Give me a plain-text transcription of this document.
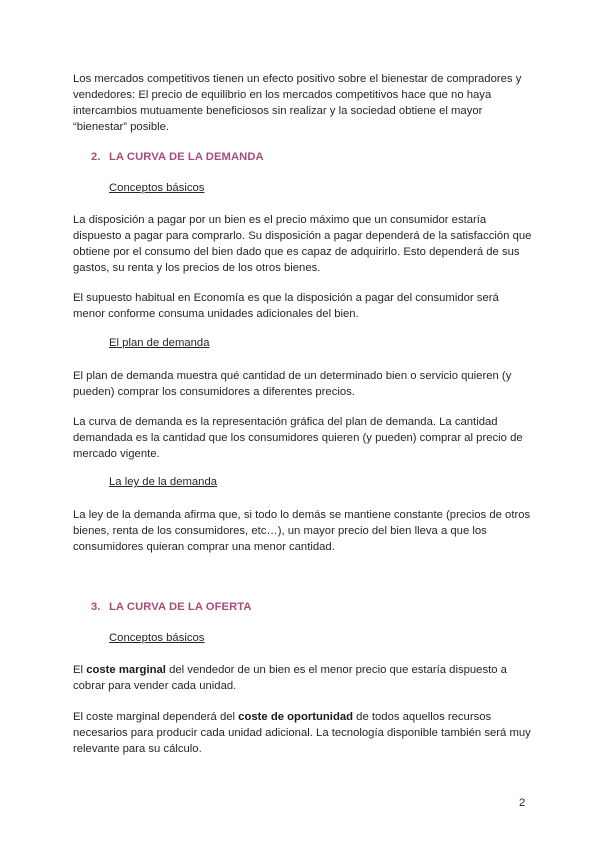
Los mercados competitivos tienen un efecto positivo sobre el bienestar de compradores y vendedores: El precio de equilibrio en los mercados competitivos hace que no haya intercambios mutuamente beneficiosos sin realizar y la sociedad obtiene el mayor “bienestar” posible.

2. LA CURVA DE LA DEMANDA

Conceptos básicos

La disposición a pagar por un bien es el precio máximo que un consumidor estaría dispuesto a pagar para comprarlo. Su disposición a pagar dependerá de la satisfacción que obtiene por el consumo del bien dado que es capaz de adquirirlo. Esto dependerá de sus gastos, su renta y los precios de los otros bienes.

El supuesto habitual en Economía es que la disposición a pagar del consumidor será menor conforme consuma unidades adicionales del bien.

El plan de demanda

El plan de demanda muestra qué cantidad de un determinado bien o servicio quieren (y pueden) comprar los consumidores a diferentes precios.

La curva de demanda es la representación gráfica del plan de demanda. La cantidad demandada es la cantidad que los consumidores quieren (y pueden) comprar al precio de mercado vigente.

La ley de la demanda

La ley de la demanda afirma que, si todo lo demás se mantiene constante (precios de otros bienes, renta de los consumidores, etc…), un mayor precio del bien lleva a que los consumidores quieran comprar una menor cantidad.

3. LA CURVA DE LA OFERTA

Conceptos básicos

El coste marginal del vendedor de un bien es el menor precio que estaría dispuesto a cobrar para vender cada unidad.

El coste marginal dependerá del coste de oportunidad de todos aquellos recursos necesarios para producir cada unidad adicional. La tecnología disponible también será muy relevante para su cálculo.

2
